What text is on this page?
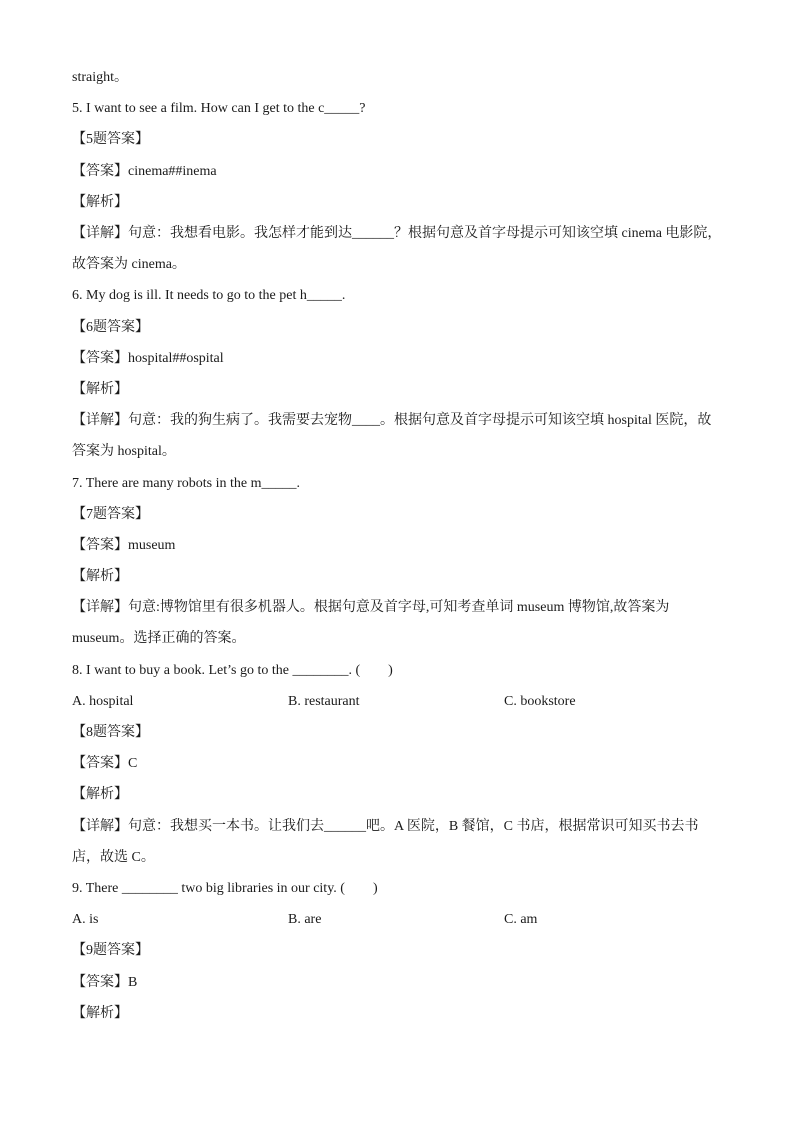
straight。
5. I want to see a film. How can I get to the c_____?
【5题答案】
【答案】cinema##inema
【解析】
【详解】句意：我想看电影。我怎样才能到达______？根据句意及首字母提示可知该空填 cinema 电影院，故答案为 cinema。
6. My dog is ill. It needs to go to the pet h_____.
【6题答案】
【答案】hospital##ospital
【解析】
【详解】句意：我的狗生病了。我需要去宠物____。根据句意及首字母提示可知该空填 hospital 医院，故答案为 hospital。
7. There are many robots in the m_____.
【7题答案】
【答案】museum
【解析】
【详解】句意:博物馆里有很多机器人。根据句意及首字母,可知考查单词 museum 博物馆,故答案为 museum。选择正确的答案。
8. I want to buy a book. Let’s go to the ________. (　　)
A. hospital	B. restaurant	C. bookstore
【8题答案】
【答案】C
【解析】
【详解】句意：我想买一本书。让我们去______吧。A 医院，B 餐馆，C 书店，根据常识可知买书去书店，故选 C。
9. There ________ two big libraries in our city. (　　)
A. is	B. are	C. am
【9题答案】
【答案】B
【解析】
